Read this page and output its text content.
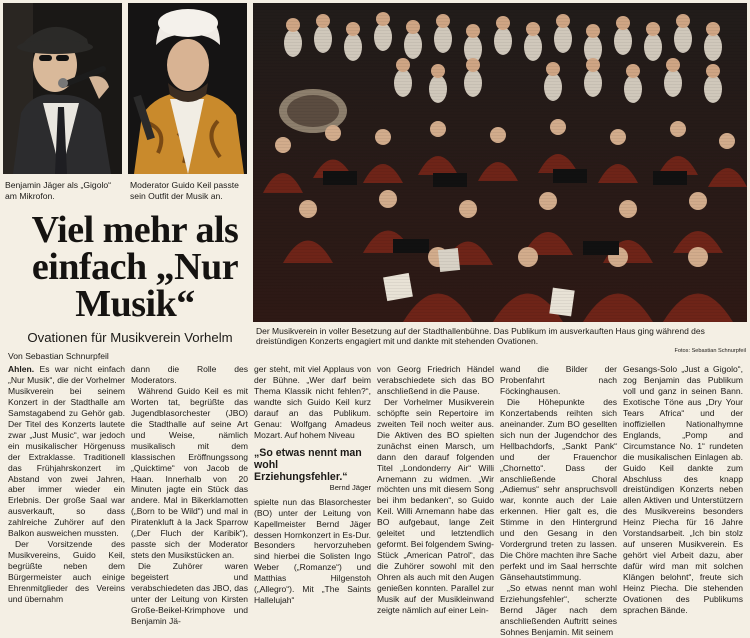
Benjamin Jäger als „Gigolo“ am Mikrofon.

Moderator Guido Keil passte sein Outfit der Musik an.

Der Musikverein in voller Besetzung auf der Stadthallenbühne. Das Publikum im ausverkauften Haus ging während des dreistündigen Konzerts engagiert mit und dankte mit stehenden Ovationen.

Fotos: Sebastian Schnurpfeil

Viel mehr als einfach „Nur Musik“

Ovationen für Musikverein Vorhelm

Von Sebastian Schnurpfeil

Ahlen. Es war nicht einfach „Nur Musik“, die der Vorhelmer Musikverein bei seinem Konzert in der Stadthalle am Samstagabend zu Gehör gab. Der Titel des Konzerts lautete zwar „Just Music“, war jedoch ein musikalischer Hörgenuss der Extraklasse. Traditionell das Frühjahrskonzert im Abstand von zwei Jahren, aber immer wieder ein Erlebnis. Der große Saal war ausverkauft, so dass zahlreiche Zuhörer auf den Balkon ausweichen mussten.

Der Vorsitzende des Musikvereins, Guido Keil, begrüßte neben dem Bürgermeister auch einige Ehrenmitglieder des Vereins und übernahm

dann die Rolle des Moderators.

Während Guido Keil es mit Worten tat, begrüßte das Jugendblasorchester (JBO) die Stadthalle auf seine Art und Weise, nämlich musikalisch mit dem klassischen Eröffnungssong „Quicktime“ von Jacob de Haan. Innerhalb von 20 Minuten jagte ein Stück das andere. Mal in Bikerklamotten („Born to be Wild“) und mal in Piratenkluft à la Jack Sparrow („Der Fluch der Karibik“), passte sich der Moderator stets den Musikstücken an.

Die Zuhörer waren begeistert und verabschiedeten das JBO, das unter der Leitung von Kirsten Große-Beikel-Krimphove und Benjamin Jä-

ger steht, mit viel Applaus von der Bühne. „Wer darf beim Thema Klassik nicht fehlen?“, wandte sich Guido Keil kurz darauf an das Publikum. Genau: Wolfgang Amadeus Mozart. Auf hohem Niveau

„So etwas nennt man wohl Erziehungsfehler.“
Bernd Jäger

spielte nun das Blasorchester (BO) unter der Leitung von Kapellmeister Bernd Jäger dessen Hornkonzert in Es-Dur. Besonders hervorzuheben sind hierbei die Solisten Ingo Weber („Romanze“) und Matthias Hilgenstoh („Allegro“). Mit „The Saints Hallelujah“

von Georg Friedrich Händel verabschiedete sich das BO anschließend in die Pause.

Der Vorhelmer Musikverein schöpfte sein Repertoire im zweiten Teil noch weiter aus. Die Aktiven des BO spielten zunächst einen Marsch, um dann den darauf folgenden Titel „Londonderry Air“ Willi Arnemann zu widmen. „Wir möchten uns mit diesem Song bei ihm bedanken“, so Guido Keil. Willi Arnemann habe das BO aufgebaut, lange Zeit geleitet und letztendlich geformt. Bei folgendem Swing-Stück „American Patrol“, das die Zuhörer sowohl mit den Ohren als auch mit den Augen genießen konnten. Parallel zur Musik auf der Musikleinwand zeigte nämlich auf einer Lein-

wand die Bilder der Probenfahrt nach Föckinghausen.

Die Höhepunkte des Konzertabends reihten sich aneinander. Zum BO gesellten sich nun der Jugendchor des Hellbachdorfs, „Sankt Pank“ und der Frauenchor „Chornetto“. Dass der anschließende Choral „Adiemus“ sehr anspruchsvoll war, konnte auch der Laie erkennen. Hier galt es, die Stimme in den Hintergrund und den Gesang in den Vordergrund treten zu lassen. Die Chöre machten ihre Sache perfekt und im Saal herrschte Gänsehautstimmung.

„So etwas nennt man wohl Erziehungsfehler“, scherzte Bernd Jäger nach dem anschließenden Auftritt seines Sohnes Benjamin. Mit seinem

Gesangs-Solo „Just a Gigolo“, zog Benjamin das Publikum voll und ganz in seinen Bann. Exotische Töne aus „Dry Your Tears Africa“ und der inoffiziellen Nationalhymne Englands, „Pomp and Circumstance No. 1“ rundeten die musikalischen Einlagen ab. Guido Keil dankte zum Abschluss des knapp dreistündigen Konzerts neben allen Aktiven und Unterstützern des Musikvereins besonders Heinz Piecha für 16 Jahre Vorstandsarbeit. „Ich bin stolz auf unseren Musikverein. Es gehört viel Arbeit dazu, aber dafür wird man mit solchen Klängen belohnt“, freute sich Heinz Piecha. Die stehenden Ovationen des Publikums sprachen Bände.
